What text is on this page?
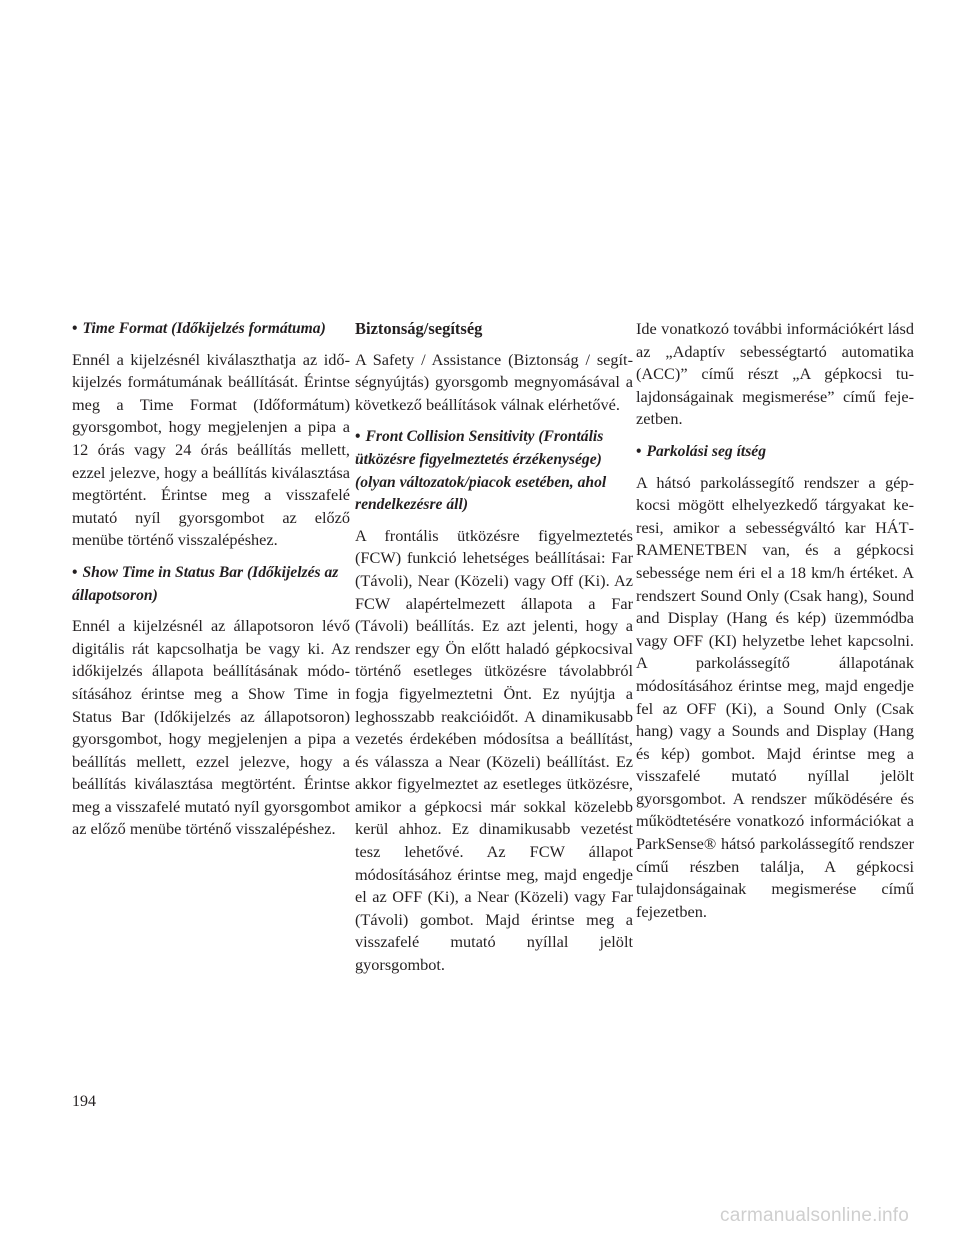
• Time Format (Időkijelzés formátuma)

Ennél a kijelzésnél kiválaszthatja az időkijelzés formátumának beállítását. Érintse meg a Time Format (Időformátum) gyorsgombot, hogy megjelenjen a pipa a 12 órás vagy 24 órás beállítás mellett, ezzel jelezve, hogy a beállítás kiválasztása megtörtént. Érintse meg a visszafelé mutató nyíl gyorsgombot az előző menübe történő visszalépéshez.

• Show Time in Status Bar (Időkijelzés az állapotsoron)

Ennél a kijelzésnél az állapotsoron lévő digitális rát kapcsolhatja be vagy ki. Az időkijelzés állapota beállításának módosításához érintse meg a Show Time in Status Bar (Időkijelzés az állapotsoron) gyorsgombot, hogy megjelenjen a pipa a beállítás mellett, ezzel jelezve, hogy a beállítás kiválasztása megtörtént. Érintse meg a visszafelé mutató nyíl gyorsgombot az előző menübe történő visszalépéshez.

Biztonság/segítség

A Safety / Assistance (Biztonság / segítségnyújtás) gyorsgomb megnyomásával a következő beállítások válnak elérhetővé.

• Front Collision Sensitivity (Frontális ütközésre figyelmeztetés érzékenysége) (olyan változatok/piacok esetében, ahol rendelkezésre áll)

A frontális ütközésre figyelmeztetés (FCW) funkció lehetséges beállításai: Far (Távoli), Near (Közeli) vagy Off (Ki). Az FCW alapértelmezett állapota a Far (Távoli) beállítás. Ez azt jelenti, hogy a rendszer egy Ön előtt haladó gépkocsival történő esetleges ütközésre távolabbról fogja figyelmeztetni Önt. Ez nyújtja a leghosszabb reakcióidőt. A dinamikusabb vezetés érdekében módosítsa a beállítást, és válassza a Near (Közeli) beállítást. Ez akkor figyelmeztet az esetleges ütközésre, amikor a gépkocsi már sokkal közelebb kerül ahhoz. Ez dinamikusabb vezetést tesz lehetővé. Az FCW állapot módosításához érintse meg, majd engedje el az OFF (Ki), a Near (Közeli) vagy Far (Távoli) gombot. Majd érintse meg a visszafelé mutató nyíllal jelölt gyorsgombot.

Ide vonatkozó további információkért lásd az „Adaptív sebességtartó automatika (ACC)” című részt „A gépkocsi tulajdonságainak megismerése” című fejezetben.

• Parkolási seg ítség

A hátsó parkolássegítő rendszer a gépkocsi mögött elhelyezkedő tárgyakat keresi, amikor a sebességváltó kar HÁTRAMENETBEN van, és a gépkocsi sebessége nem éri el a 18 km/h értéket. A rendszert Sound Only (Csak hang), Sound and Display (Hang és kép) üzemmódba vagy OFF (KI) helyzetbe lehet kapcsolni. A parkolássegítő állapotának módosításához érintse meg, majd engedje fel az OFF (Ki), a Sound Only (Csak hang) vagy a Sounds and Display (Hang és kép) gombot. Majd érintse meg a visszafelé mutató nyíllal jelölt gyorsgombot. A rendszer működésére és működtetésére vonatkozó információkat a ParkSense® hátsó parkolássegítő rendszer című részben találja, A gépkocsi tulajdonságainak megismerése című fejezetben.

194
carmanualsonline.info
